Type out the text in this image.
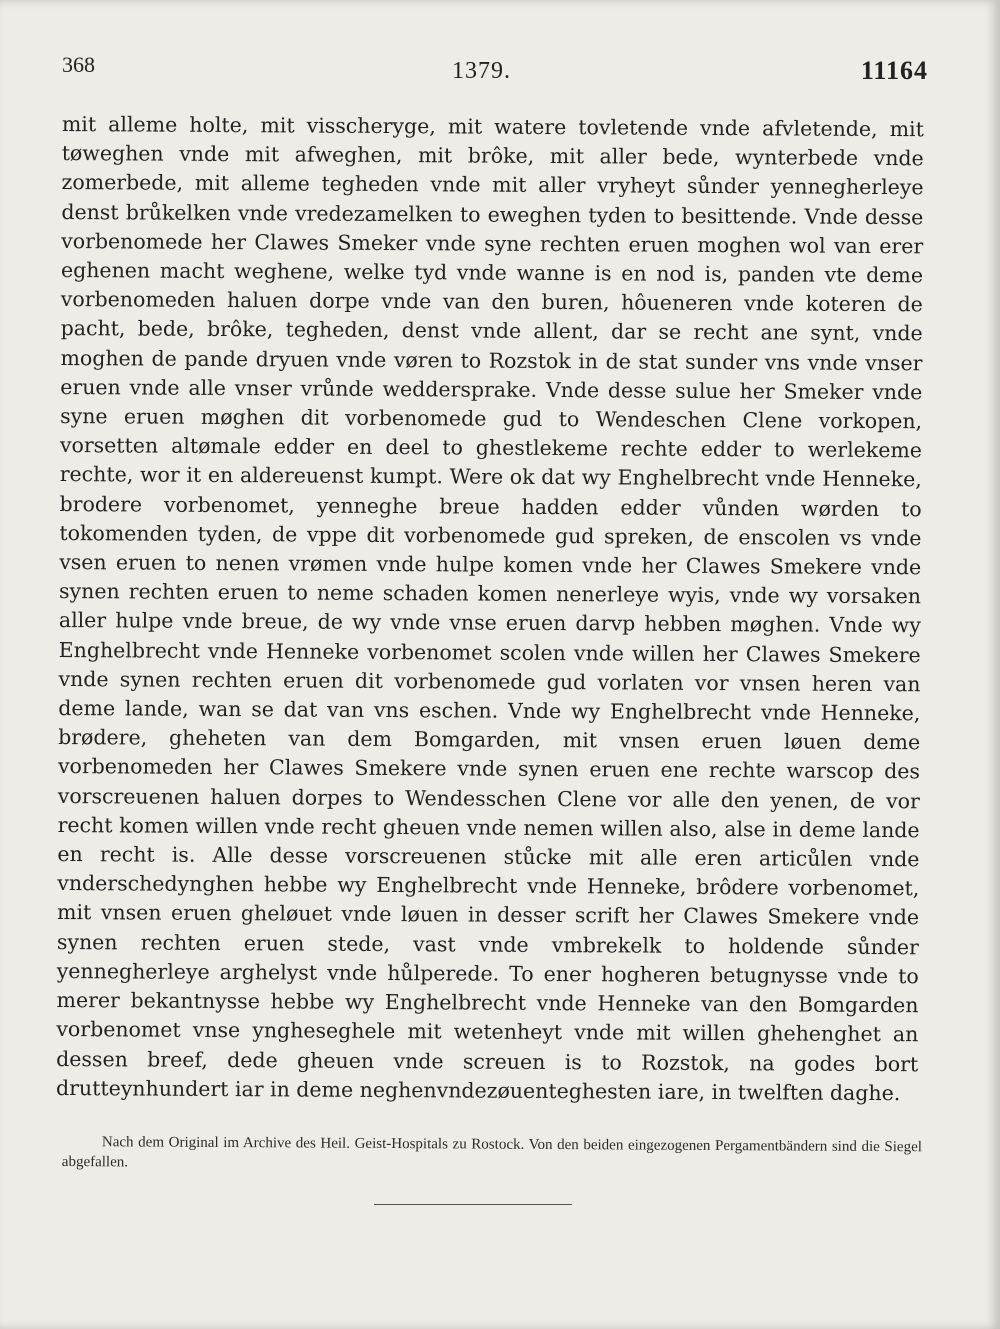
368	1379.	11164
mit alleme holte, mit visscheryge, mit watere tovletende vnde afvletende, mit tøweghen vnde mit afweghen, mit brôke, mit aller bede, wynterbede vnde zomerbede, mit alleme tegheden vnde mit aller vryheyt sůnder yennegherleye denst brůkelken vnde vredezamelken to eweghen tyden to besittende. Vnde desse vorbenomede her Clawes Smeker vnde syne rechten eruen moghen wol van erer eghenen macht weghene, welke tyd vnde wanne is en nod is, panden vte deme vorbenomeden haluen dorpe vnde van den buren, hôueneren vnde koteren de pacht, bede, brôke, tegheden, denst vnde allent, dar se recht ane synt, vnde moghen de pande dryuen vnde vøren to Rozstok in de stat sunder vns vnde vnser eruen vnde alle vnser vrůnde weddersprake. Vnde desse sulue her Smeker vnde syne eruen møghen dit vorbenomede gud to Wendeschen Clene vorkopen, vorsetten altømale edder en deel to ghestlekeme rechte edder to werlekeme rechte, wor it en aldereuenst kumpt. Were ok dat wy Enghelbrecht vnde Henneke, brodere vorbenomet, yenneghe breue hadden edder vůnden wørden to tokomenden tyden, de vppe dit vorbenomede gud spreken, de enscolen vs vnde vsen eruen to nenen vrømen vnde hulpe komen vnde her Clawes Smekere vnde synen rechten eruen to neme schaden komen nenerleye wyis, vnde wy vorsaken aller hulpe vnde breue, de wy vnde vnse eruen darvp hebben møghen. Vnde wy Enghelbrecht vnde Henneke vorbenomet scolen vnde willen her Clawes Smekere vnde synen rechten eruen dit vorbenomede gud vorlaten vor vnsen heren van deme lande, wan se dat van vns eschen. Vnde wy Enghelbrecht vnde Henneke, brødere, gheheten van dem Bomgarden, mit vnsen eruen løuen deme vorbenomeden her Clawes Smekere vnde synen eruen ene rechte warscop des vorscreuenen haluen dorpes to Wendesschen Clene vor alle den yenen, de vor recht komen willen vnde recht gheuen vnde nemen willen also, alse in deme lande en recht is. Alle desse vorscreuenen stůcke mit alle eren articůlen vnde vnderschedynghen hebbe wy Enghelbrecht vnde Henneke, brôdere vorbenomet, mit vnsen eruen gheløuet vnde løuen in desser scrift her Clawes Smekere vnde synen rechten eruen stede, vast vnde vmbrekelk to holdende sůnder yennegherleye arghelyst vnde hůlperede. To ener hogheren betugnysse vnde to merer bekantnysse hebbe wy Enghelbrecht vnde Henneke van den Bomgarden vorbenomet vnse yngheseghele mit wetenheyt vnde mit willen ghehenghet an dessen breef, dede gheuen vnde screuen is to Rozstok, na godes bort drutteynhundert iar in deme neghenvndezøuenteghesten iare, in twelften daghe.
Nach dem Original im Archive des Heil. Geist-Hospitals zu Rostock. Von den beiden eingezogenen Pergamentbändern sind die Siegel abgefallen.
